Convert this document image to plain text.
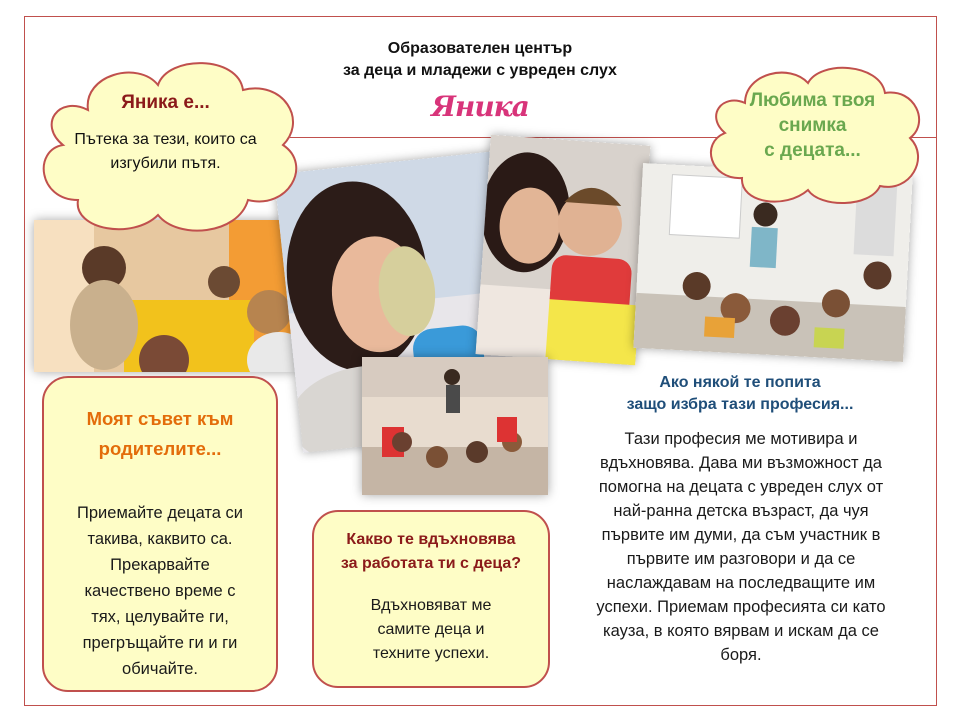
Образователен център
за деца и младежи с увреден слух
Яника
Яника е...
Пътека за тези, които са
изгубили пътя.
Любима твоя
снимка
с децата...
Моят съвет към
родителите...
Приемайте децата си
такива, каквито са.
Прекарвайте
качествено време с
тях, целувайте ги,
прегръщайте ги и ги
обичайте.
Какво те вдъхновява
за работата ти с деца?
Вдъхновяват ме
самите деца и
техните успехи.
Ако някой те попита
защо избра тази професия...
Тази професия ме мотивира и
вдъхновява. Дава ми възможност да
помогна на децата с увреден слух от
най-ранна детска възраст, да чуя
първите им думи, да съм участник в
първите им разговори и да се
наслаждавам на последващите им
успехи. Приемам професията си като
кауза, в която вярвам и искам да се
боря.
